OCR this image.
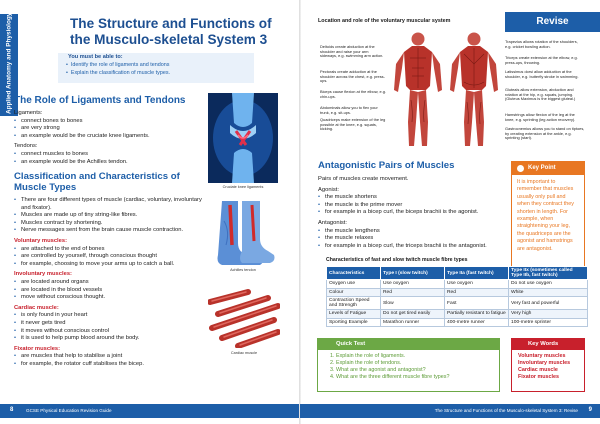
Applied Anatomy and Physiology	The Structure and Functions of the Musculo-skeletal System 3
You must be able to:
• Identify the role of ligaments and tendons
• Explain the classification of muscle types.
The Role of Ligaments and Tendons
Ligaments:
• connect bones to bones
• are very strong
• an example would be the cruciate knee ligaments.
Tendons:
• connect muscles to bones
• an example would be the Achilles tendon.
Classification and Characteristics of Muscle Types
• There are four different types of muscle (cardiac, voluntary, involuntary and fixator).
• Muscles are made up of tiny string-like fibres.
• Muscles contract by shortening.
• Nerve messages sent from the brain cause muscle contraction.
Voluntary muscles:
• are attached to the end of bones
• are controlled by yourself, through conscious thought
• for example, choosing to move your arms up to catch a ball.
Involuntary muscles:
• are located around organs
• are located in the blood vessels
• move without conscious thought.
Cardiac muscle:
• is only found in your heart
• it never gets tired
• it moves without conscious control
• it is used to help pump blood around the body.
Fixator muscles:
• are muscles that help to stabilise a joint
• for example, the rotator cuff stabilises the bicep.
Cruciate knee ligaments
Achilles tendon
Cardiac muscle
8	GCSE Physical Education Revision Guide
Revise
Location and role of the voluntary muscular system
Deltoids create abduction at the shoulder and raise your arm sideways, e.g. swimming arm action.
Pectorals create adduction at the shoulder across the chest, e.g. press-ups.
Biceps cause flexion at the elbow, e.g. chin-ups.
Abdominals allow you to flex your trunk, e.g. sit-ups.
Quadriceps make extension of the leg possible at the knee, e.g. squats, kicking.
Trapezius allows rotation of the shoulders, e.g. cricket bowling action.
Triceps create extension at the elbow, e.g. press-ups, throwing.
Latissimus dorsi allow adduction at the shoulder, e.g. butterfly stroke in swimming.
Gluteals allow extension, abduction and rotation at the hip, e.g. squats, jumping. (Gluteus Maximus is the biggest gluteal.)
Hamstrings allow flexion of the leg at the knee, e.g. sprinting (leg action recovery).
Gastrocnemius allows you to stand on tiptoes, by creating extension at the ankle, e.g. sprinting (start).
Antagonistic Pairs of Muscles
Pairs of muscles create movement.
Agonist:
• the muscle shortens
• the muscle is the prime mover
• for example in a bicep curl, the biceps brachii is the agonist.
Antagonist:
• the muscle lengthens
• the muscle relaxes
• for example in a bicep curl, the triceps brachii is the antagonist.
Key Point
It is important to remember that muscles usually only pull and when they contract they shorten in length. For example, when straightening your leg, the quadriceps are the agonist and hamstrings are antagonist.
Characteristics of fast and slow twitch muscle fibre types
Characteristics	Type I (slow twitch)	Type IIa (fast twitch)	Type IIx (sometimes called Type IIb, fast twitch)
Oxygen use	Use oxygen	Use oxygen	Do not use oxygen
Colour	Red	Red	White
Contraction Speed and Strength	Slow	Fast	Very fast and powerful
Levels of Fatigue	Do not get tired easily	Partially resistant to fatigue	Very high
Sporting Example	Marathon runner	400-metre runner	100-metre sprinter
Quick Test
1. Explain the role of ligaments.
2. Explain the role of tendons.
3. What are the agonist and antagonist?
4. What are the three different muscle fibre types?
Key Words
Voluntary muscles
Involuntary muscles
Cardiac muscle
Fixator muscles
The Structure and Functions of the Musculo-skeletal System 3: Revise 9
